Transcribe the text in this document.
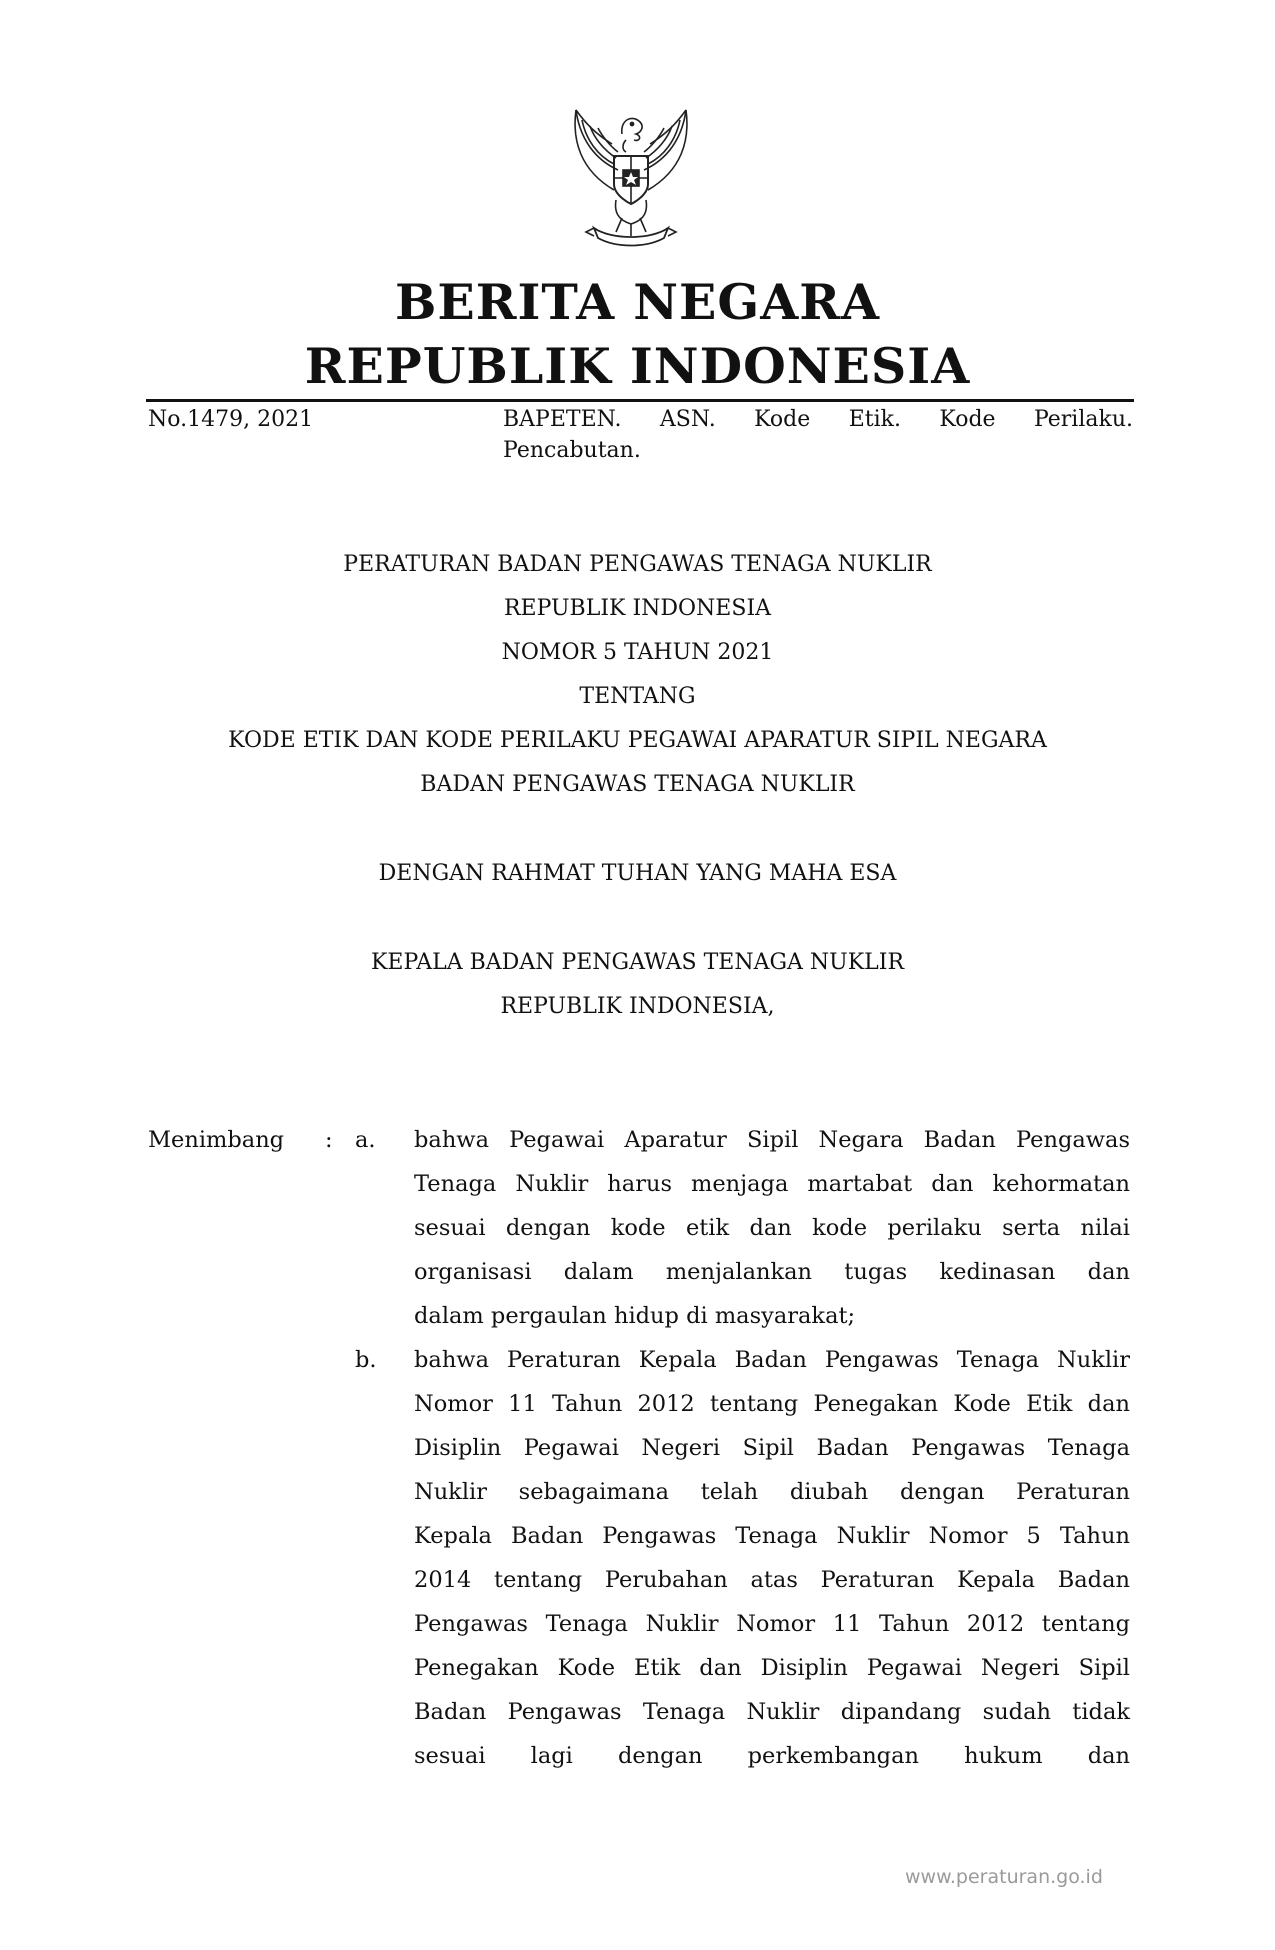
BERITA NEGARA
REPUBLIK INDONESIA
No.1479, 2021	BAPETEN. ASN. Kode Etik. Kode Perilaku.
Pencabutan.
PERATURAN BADAN PENGAWAS TENAGA NUKLIR
REPUBLIK INDONESIA
NOMOR 5 TAHUN 2021
TENTANG
KODE ETIK DAN KODE PERILAKU PEGAWAI APARATUR SIPIL NEGARA
BADAN PENGAWAS TENAGA NUKLIR
DENGAN RAHMAT TUHAN YANG MAHA ESA
KEPALA BADAN PENGAWAS TENAGA NUKLIR
REPUBLIK INDONESIA,
Menimbang : a. bahwa Pegawai Aparatur Sipil Negara Badan Pengawas
Tenaga Nuklir harus menjaga martabat dan kehormatan
sesuai dengan kode etik dan kode perilaku serta nilai
organisasi dalam menjalankan tugas kedinasan dan
dalam pergaulan hidup di masyarakat;
b. bahwa Peraturan Kepala Badan Pengawas Tenaga Nuklir
Nomor 11 Tahun 2012 tentang Penegakan Kode Etik dan
Disiplin Pegawai Negeri Sipil Badan Pengawas Tenaga
Nuklir sebagaimana telah diubah dengan Peraturan
Kepala Badan Pengawas Tenaga Nuklir Nomor 5 Tahun
2014 tentang Perubahan atas Peraturan Kepala Badan
Pengawas Tenaga Nuklir Nomor 11 Tahun 2012 tentang
Penegakan Kode Etik dan Disiplin Pegawai Negeri Sipil
Badan Pengawas Tenaga Nuklir dipandang sudah tidak
sesuai lagi dengan perkembangan hukum dan
www.peraturan.go.id
